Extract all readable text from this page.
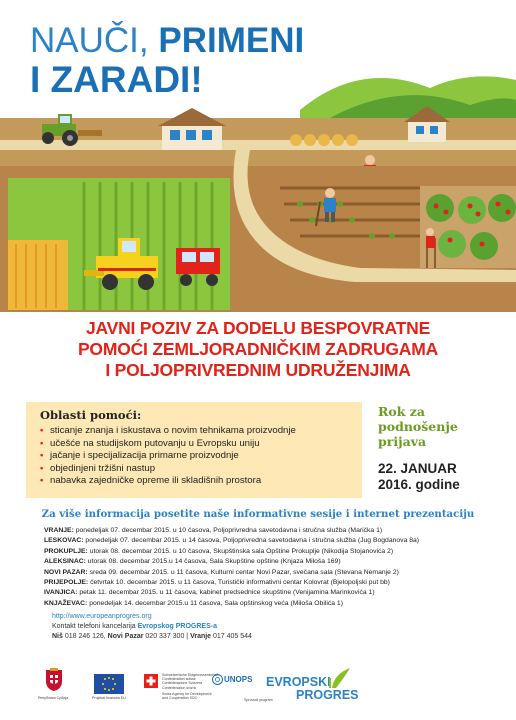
NAUČI, PRIMENI
I ZARADI!
JAVNI POZIV ZA DODELU BESPOVRATNE
POMOĆI ZEMLJORADNIČKIM ZADRUGAMA
I POLJOPRIVREDNIM UDRUŽENJIMA
Oblasti pomoći:
• sticanje znanja i iskustava o novim tehnikama proizvodnje
• učešće na studijskom putovanju u Evropsku uniju
• jačanje i specijalizacija primarne proizvodnje
• objedinjeni tržišni nastup
• nabavka zajedničke opreme ili skladišnih prostora
Rok za
podnošenje
prijava
22. JANUAR
2016. godine
Za više informacija posetite naše informativne sesije i internet prezentaciju
VRANJE: ponedeljak 07. decembar 2015. u 10 časova, Poljoprivredna savetodavna i stručna služba (Marička 1)
LESKOVAC: ponedeljak 07. decembar 2015. u 14 časova, Poljoprivredna savetodavna i stručna služba (Jug Bogdanova 8a)
PROKUPLJE: utorak 08. decembar 2015. u 10 časova, Skupštinska sala Opštine Prokuplje (Nikodija Stojanovića 2)
ALEKSINAC: utorak 08. decembar 2015.u 14 časova, Sala Skupštine opštine (Knjaza Miloša 169)
NOVI PAZAR: sreda 09. decembar 2015. u 11 časova, Kulturni centar Novi Pazar, svečana sala (Stevana Nemanje 2)
PRIJEPOLJE: četvrtak 10. decembar 2015. u 11 časova, Turistički informativni centar Kolovrat (Bjelopoljski put bb)
IVANJICA: petak 11. decembar 2015. u 11 časova, kabinet predsednice skupštine (Venijamina Marinkovića 1)
KNJAŽEVAC: ponedeljak 14. decembar 2015.u 11 časova, Sala opštinskog veća (Miloša Obilića 1)
http://www.europeanprogres.org
Kontakt telefoni kancelarija Evropskog PROGRES-a
Niš 018 246 126, Novi Pazar 020 337 300 | Vranje 017 405 544
Република Србија	Projekat finansira EU
Schweizerische Eidgenossenschaft
Confédération suisse
Confederazione Svizzera
Confederaziun svizra
Swiss Agency for Development
and Cooperation SDC
UNOPS
Sprovodi program
EVROPSKI
PROGRES
